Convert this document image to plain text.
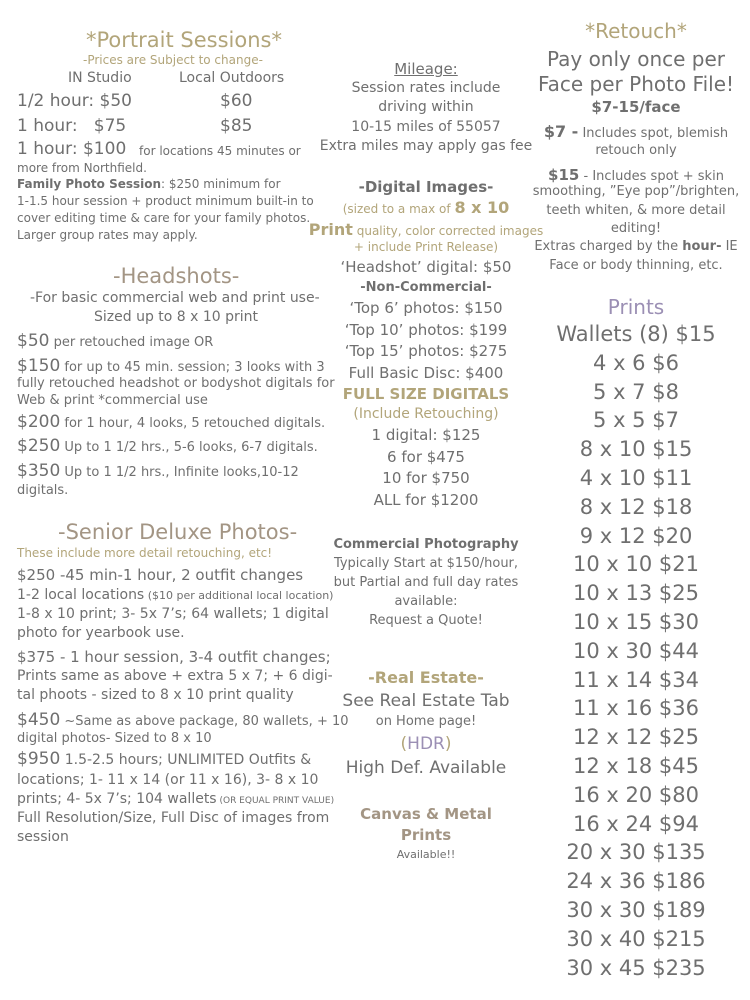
*Portrait Sessions*
-Prices are Subject to change-
IN Studio	Local Outdoors
1/2 hour: $50	$60
1 hour:   $75	$85
1 hour: $100 for locations 45 minutes or
more from Northfield.
Family Photo Session: $250 minimum for
1-1.5 hour session + product minimum built-in to
cover editing time & care for your family photos.
Larger group rates may apply.
-Headshots-
-For basic commercial web and print use-
Sized up to 8 x 10 print
$50 per retouched image OR
$150 for up to 45 min. session; 3 looks with 3
fully retouched headshot or bodyshot digitals for
Web & print *commercial use
$200 for 1 hour, 4 looks, 5 retouched digitals.
$250 Up to 1 1/2 hrs., 5-6 looks, 6-7 digitals.
$350 Up to 1 1/2 hrs., Infinite looks,10-12
digitals.
-Senior Deluxe Photos-
These include more detail retouching, etc!
$250 -45 min-1 hour, 2 outfit changes
1-2 local locations ($10 per additional local location)
1-8 x 10 print; 3- 5x 7’s; 64 wallets; 1 digital
photo for yearbook use.
$375 - 1 hour session, 3-4 outfit changes;
Prints same as above + extra 5 x 7; + 6 digi-
tal phoots - sized to 8 x 10 print quality
$450 ~Same as above package, 80 wallets, + 10
digital photos- Sized to 8 x 10
$950 1.5-2.5 hours; UNLIMITED Outfits &
locations; 1- 11 x 14 (or 11 x 16), 3- 8 x 10
prints; 4- 5x 7’s; 104 wallets (OR EQUAL PRINT VALUE)
Full Resolution/Size, Full Disc of images from
session
Mileage:
Session rates include
driving within
10-15 miles of 55057
Extra miles may apply gas fee
-Digital Images-
(sized to a max of 8 x 10
Print quality, color corrected images
+ include Print Release)
‘Headshot’ digital: $50
-Non-Commercial-
‘Top 6’ photos: $150
‘Top 10’ photos: $199
‘Top 15’ photos: $275
Full Basic Disc: $400
FULL SIZE DIGITALS
(Include Retouching)
1 digital: $125
6 for $475
10 for $750
ALL for $1200
Commercial Photography
Typically Start at $150/hour,
but Partial and full day rates
available:
Request a Quote!
-Real Estate-
See Real Estate Tab
on Home page!
(HDR)
High Def. Available
Canvas & Metal
Prints
Available!!
*Retouch*
Pay only once per
Face per Photo File!
$7-15/face
$7 - Includes spot, blemish
retouch only
$15 - Includes spot + skin
smoothing, ”Eye pop”/brighten,
teeth whiten, & more detail
editing!
Extras charged by the hour- IE
Face or body thinning, etc.
Prints
Wallets (8) $15
4 x 6 $6
5 x 7 $8
5 x 5 $7
8 x 10 $15
4 x 10 $11
8 x 12 $18
9 x 12 $20
10 x 10 $21
10 x 13 $25
10 x 15 $30
10 x 30 $44
11 x 14 $34
11 x 16 $36
12 x 12 $25
12 x 18 $45
16 x 20 $80
16 x 24 $94
20 x 30 $135
24 x 36 $186
30 x 30 $189
30 x 40 $215
30 x 45 $235
